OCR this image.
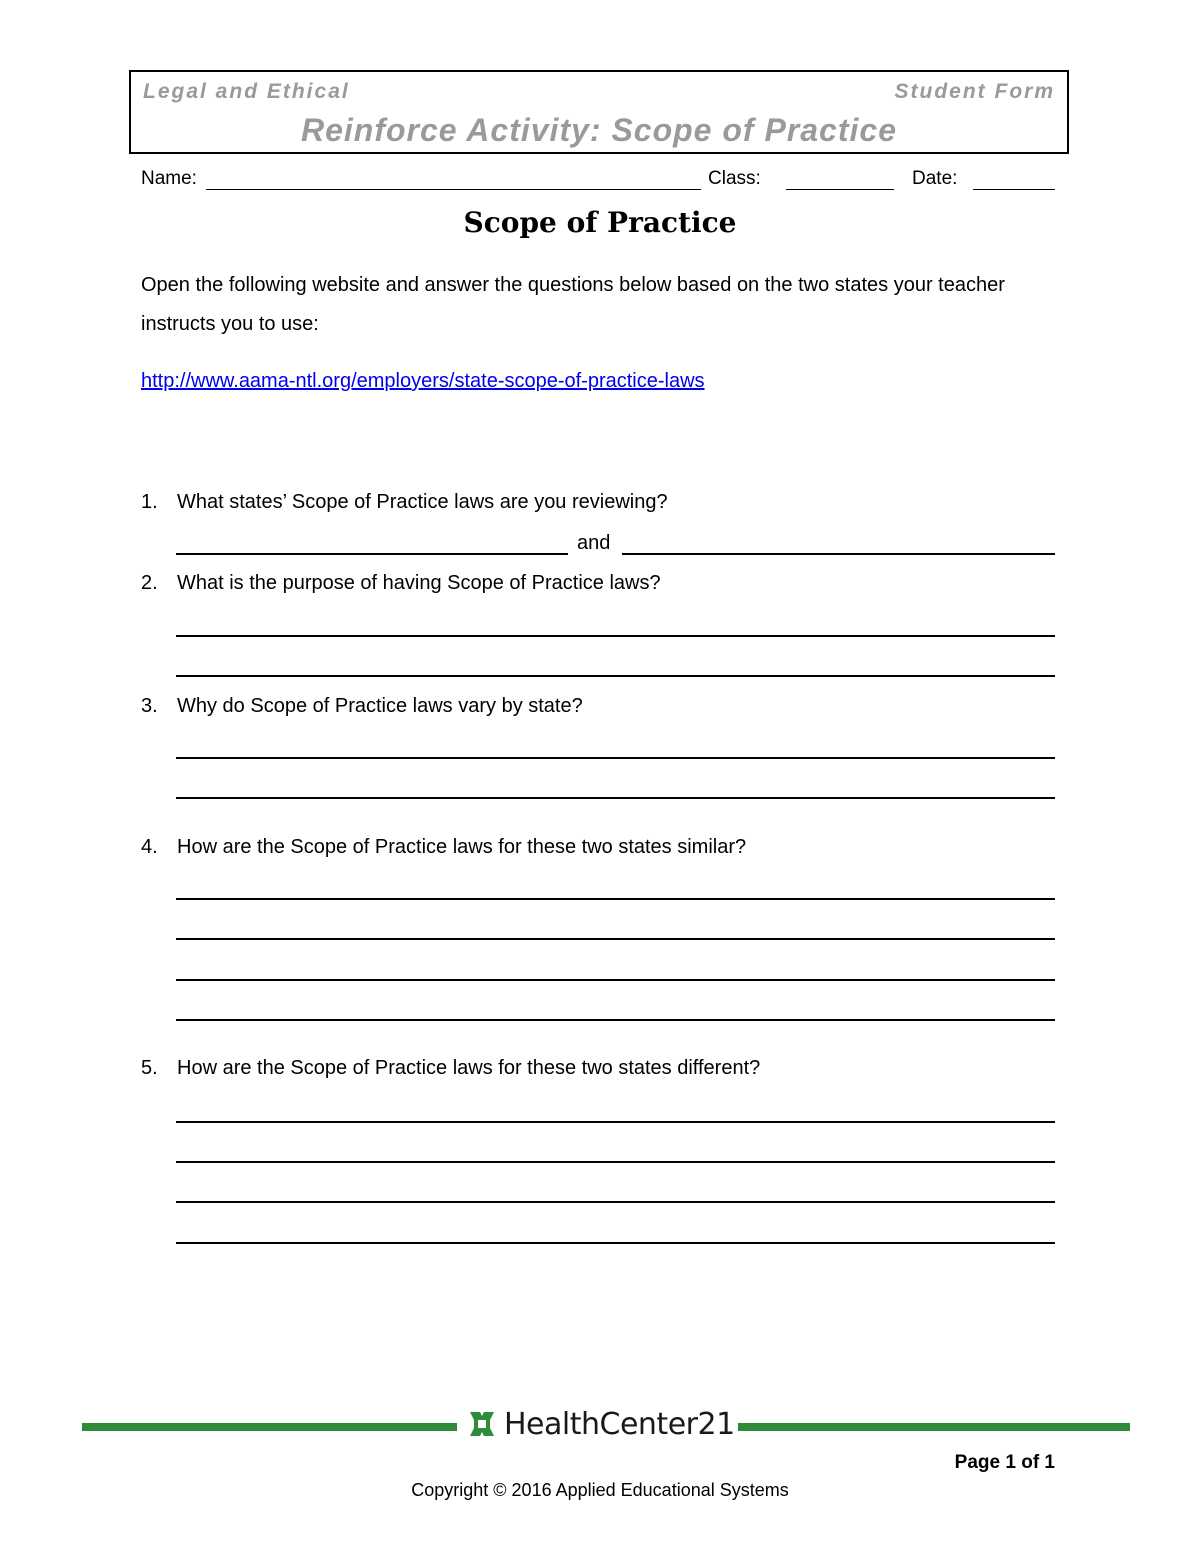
Legal and Ethical	Student Form
Reinforce Activity: Scope of Practice
Name:	Class:	Date:
Scope of Practice
Open the following website and answer the questions below based on the two states your teacher instructs you to use:
http://www.aama-ntl.org/employers/state-scope-of-practice-laws
1. What states’ Scope of Practice laws are you reviewing?
and
2. What is the purpose of having Scope of Practice laws?
3. Why do Scope of Practice laws vary by state?
4. How are the Scope of Practice laws for these two states similar?
5. How are the Scope of Practice laws for these two states different?
HealthCenter21
Page 1 of 1
Copyright © 2016 Applied Educational Systems
